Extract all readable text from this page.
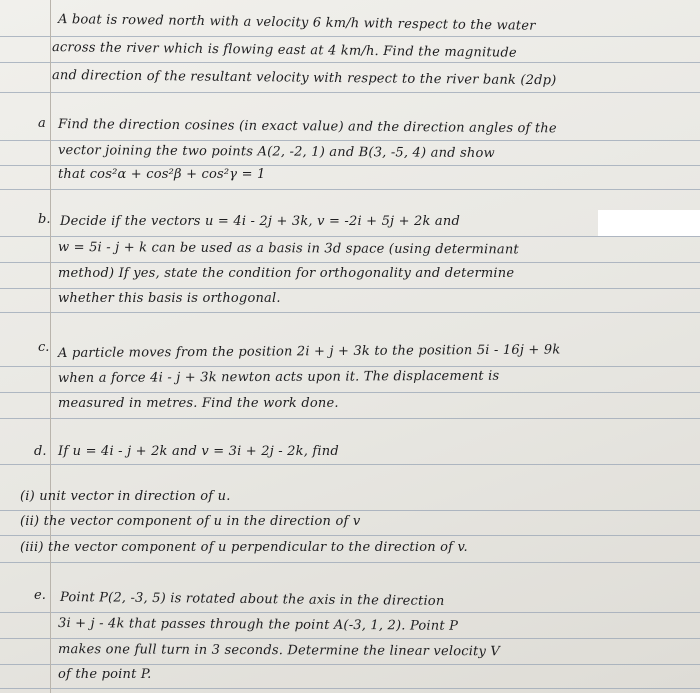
A boat is rowed north with a velocity 6 km/h with respect to the water
across the river which is flowing east at 4 km/h. Find the magnitude
and direction of the resultant velocity with respect to the river bank (2dp)
a Find the direction cosines (in exact value) and the direction angles of the
vector joining the two points A(2, -2, 1) and B(3, -5, 4) and show
that cos²α + cos²β + cos²γ = 1
b. Decide if the vectors u = 4i - 2j + 3k, v = -2i + 5j + 2k and
w = 5i - j + k can be used as a basis in 3d space (using determinant
method) If yes, state the condition for orthogonality and determine
whether this basis is orthogonal.
c. A particle moves from the position 2i + j + 3k to the position 5i - 16j + 9k
when a force 4i - j + 3k newton acts upon it. The displacement is
measured in metres. Find the work done.
d. If u = 4i - j + 2k and v = 3i + 2j - 2k, find
(i) unit vector in direction of u.
(ii) the vector component of u in the direction of v
(iii) the vector component of u perpendicular to the direction of v.
e. Point P(2, -3, 5) is rotated about the axis in the direction
3i + j - 4k that passes through the point A(-3, 1, 2). Point P
makes one full turn in 3 seconds. Determine the linear velocity V
of the point P.
